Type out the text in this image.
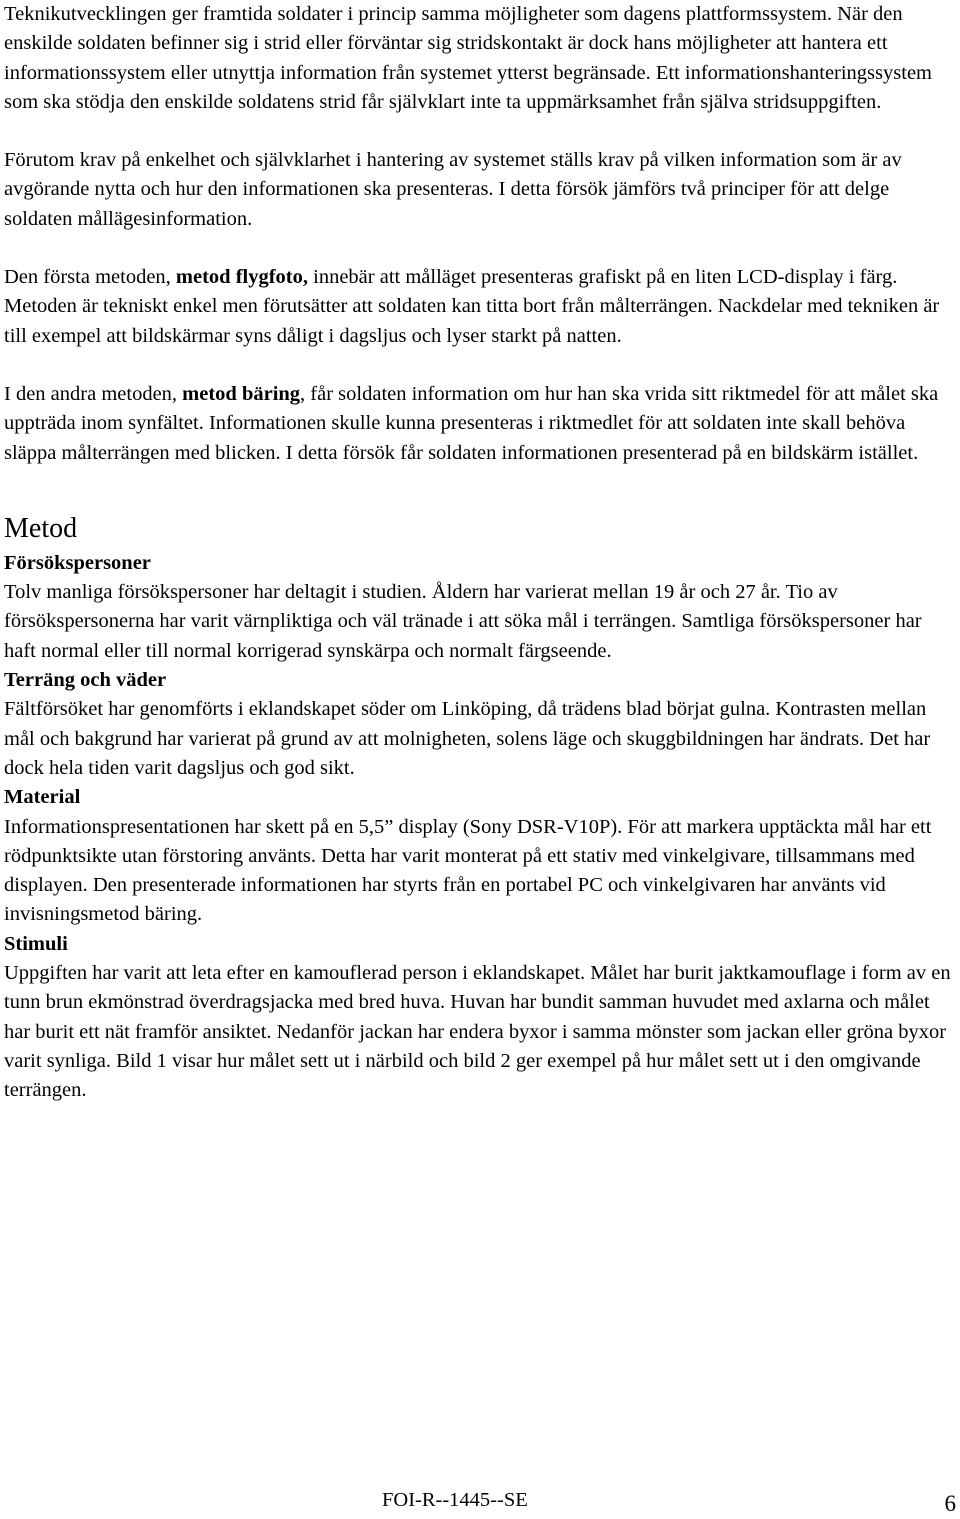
Teknikutvecklingen ger framtida soldater i princip samma möjligheter som dagens plattformssystem. När den enskilde soldaten befinner sig i strid eller förväntar sig stridskontakt är dock hans möjligheter att hantera ett informationssystem eller utnyttja information från systemet ytterst begränsade. Ett informationshanteringssystem som ska stödja den enskilde soldatens strid får självklart inte ta uppmärksamhet från själva stridsuppgiften.

Förutom krav på enkelhet och självklarhet i hantering av systemet ställs krav på vilken information som är av avgörande nytta och hur den informationen ska presenteras. I detta försök jämförs två principer för att delge soldaten mållägesinformation.

Den första metoden, metod flygfoto, innebär att målläget presenteras grafiskt på en liten LCD-display i färg. Metoden är tekniskt enkel men förutsätter att soldaten kan titta bort från målterrängen. Nackdelar med tekniken är till exempel att bildskärmar syns dåligt i dagsljus och lyser starkt på natten.

I den andra metoden, metod bäring, får soldaten information om hur han ska vrida sitt riktmedel för att målet ska uppträda inom synfältet. Informationen skulle kunna presenteras i riktmedlet för att soldaten inte skall behöva släppa målterrängen med blicken. I detta försök får soldaten informationen presenterad på en bildskärm istället.

Metod
Försökspersoner

Tolv manliga försökspersoner har deltagit i studien. Åldern har varierat mellan 19 år och 27 år. Tio av försökspersonerna har varit värnpliktiga och väl tränade i att söka mål i terrängen. Samtliga försökspersoner har haft normal eller till normal korrigerad synskärpa och normalt färgseende.

Terräng och väder

Fältförsöket har genomförts i eklandskapet söder om Linköping, då trädens blad börjat gulna. Kontrasten mellan mål och bakgrund har varierat på grund av att molnigheten, solens läge och skuggbildningen har ändrats. Det har dock hela tiden varit dagsljus och god sikt.

Material

Informationspresentationen har skett på en 5,5” display (Sony DSR-V10P). För att markera upptäckta mål har ett rödpunktsikte utan förstoring använts. Detta har varit monterat på ett stativ med vinkelgivare, tillsammans med displayen. Den presenterade informationen har styrts från en portabel PC och vinkelgivaren har använts vid invisningsmetod bäring.

Stimuli

Uppgiften har varit att leta efter en kamouflerad person i eklandskapet. Målet har burit jaktkamouflage i form av en tunn brun ekmönstrad överdragsjacka med bred huva. Huvan har bundit samman huvudet med axlarna och målet har burit ett nät framför ansiktet. Nedanför jackan har endera byxor i samma mönster som jackan eller gröna byxor varit synliga. Bild 1 visar hur målet sett ut i närbild och bild 2 ger exempel på hur målet sett ut i den omgivande terrängen.

FOI-R--1445--SE	6
